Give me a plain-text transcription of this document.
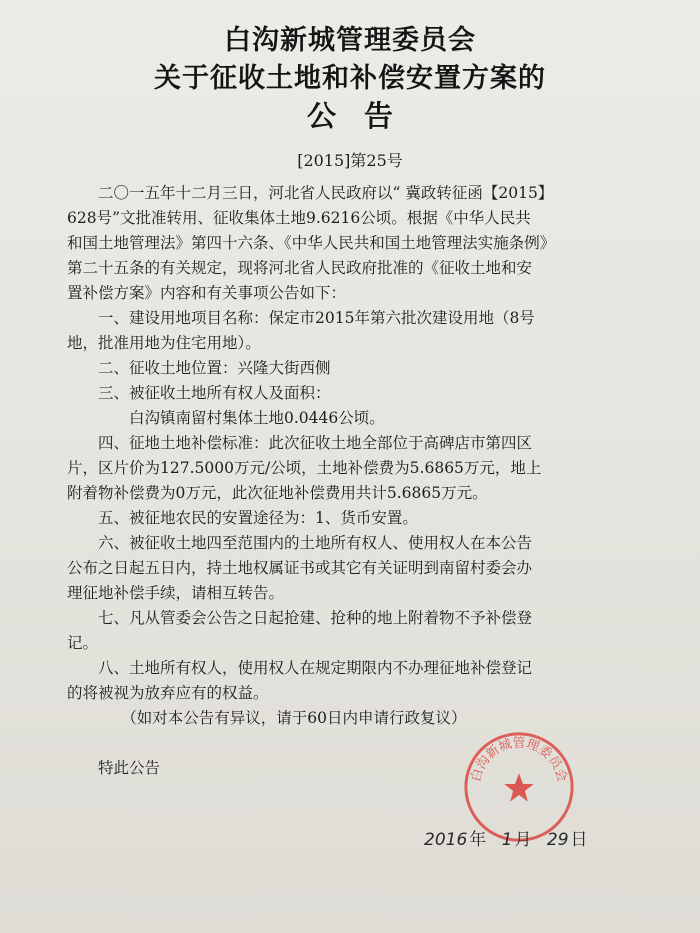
白沟新城管理委员会
关于征收土地和补偿安置方案的
公告
[2015]第25号
　　二〇一五年十二月三日，河北省人民政府以“ 冀政转征函【2015】
628号”文批准转用、征收集体土地9.6216公顷。根据《中华人民共
和国土地管理法》第四十六条、《中华人民共和国土地管理法实施条例》
第二十五条的有关规定，现将河北省人民政府批准的《征收土地和安
置补偿方案》内容和有关事项公告如下：
　　一、建设用地项目名称：保定市2015年第六批次建设用地（8号
地，批准用地为住宅用地）。
　　二、征收土地位置：兴隆大街西侧
　　三、被征收土地所有权人及面积：
　　　　白沟镇南留村集体土地0.0446公顷。
　　四、征地土地补偿标准：此次征收土地全部位于高碑店市第四区
片，区片价为127.5000万元/公顷，土地补偿费为5.6865万元，地上
附着物补偿费为0万元，此次征地补偿费用共计5.6865万元。
　　五、被征地农民的安置途径为：1、货币安置。
　　六、被征收土地四至范围内的土地所有权人、使用权人在本公告
公布之日起五日内，持土地权属证书或其它有关证明到南留村委会办
理征地补偿手续，请相互转告。
　　七、凡从管委会公告之日起抢建、抢种的地上附着物不予补偿登
记。
　　八、土地所有权人，使用权人在规定期限内不办理征地补偿登记
的将被视为放弃应有的权益。
　　　　（如对本公告有异议，请于60日内申请行政复议）
　　特此公告	白沟新城管理委员会
2016 年 1 月 29 日
